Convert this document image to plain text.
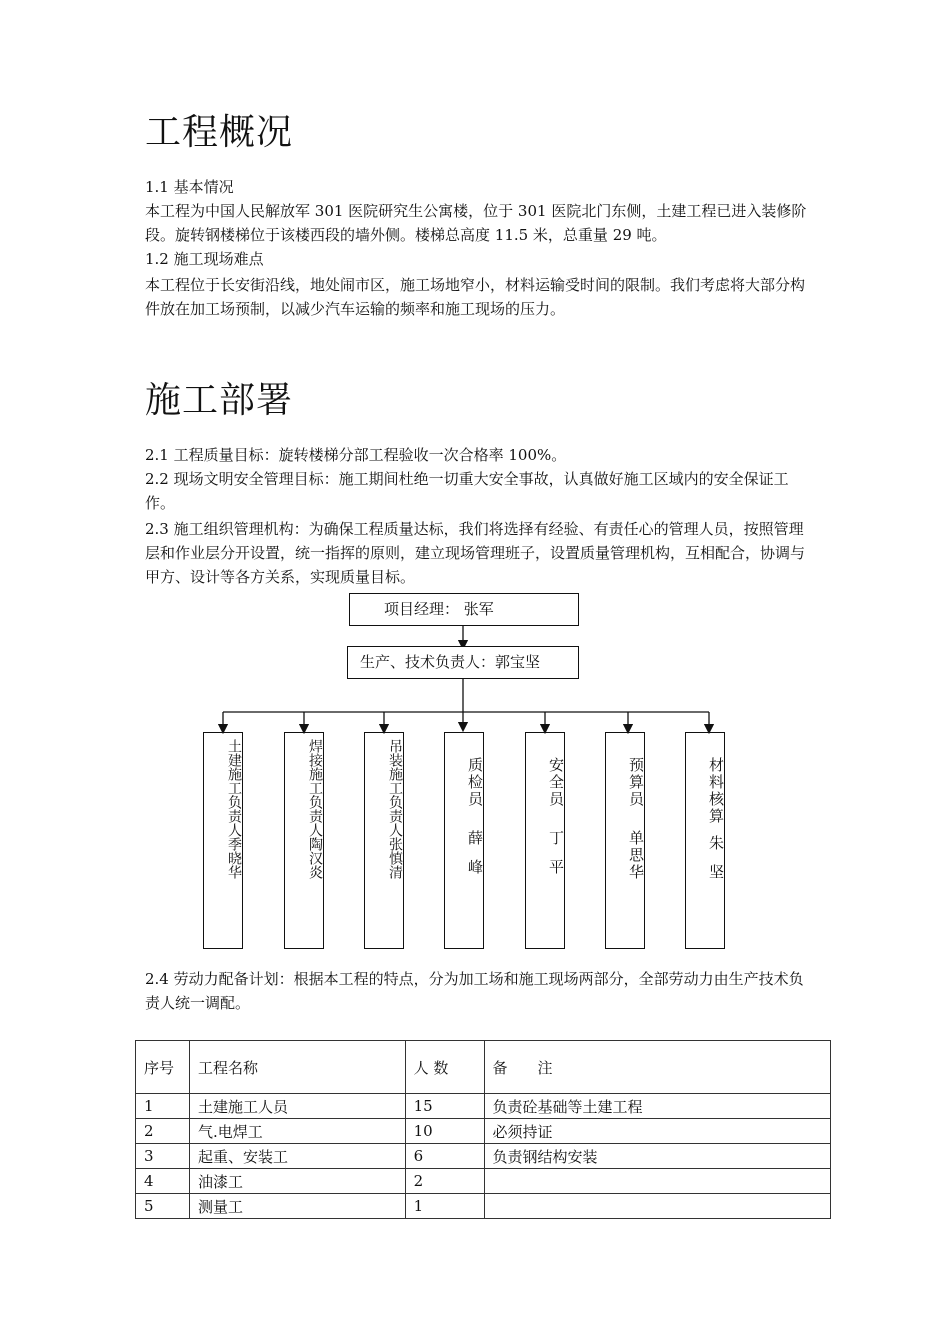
工程概况

1.1 基本情况

本工程为中国人民解放军 301 医院研究生公寓楼，位于 301 医院北门东侧，土建工程已进入装修阶段。旋转钢楼梯位于该楼西段的墙外侧。楼梯总高度 11.5 米，总重量 29 吨。

1.2 施工现场难点

本工程位于长安街沿线，地处闹市区，施工场地窄小，材料运输受时间的限制。我们考虑将大部分构件放在加工场预制，以减少汽车运输的频率和施工现场的压力。

施工部署

2.1 工程质量目标：旋转楼梯分部工程验收一次合格率 100%。

2.2 现场文明安全管理目标：施工期间杜绝一切重大安全事故，认真做好施工区域内的安全保证工作。

2.3 施工组织管理机构：为确保工程质量达标，我们将选择有经验、有责任心的管理人员，按照管理层和作业层分开设置，统一指挥的原则，建立现场管理班子，设置质量管理机构，互相配合，协调与甲方、设计等各方关系，实现质量目标。

项目经理： 张军
生产、技术负责人：郭宝坚
土建施工负责人
季晓华
焊接施工负责人
陶汉炎
吊装施工负责人
张慎清
质检员
薛峰
安全员
丁平
预算员
单思华
材料核算
朱坚

2.4 劳动力配备计划：根据本工程的特点，分为加工场和施工现场两部分，全部劳动力由生产技术负责人统一调配。

序号	工程名称	人 数	备　　注
1	土建施工人员	15	负责砼基础等土建工程
2	气.电焊工	10	必须持证
3	起重、安装工	6	负责钢结构安装
4	油漆工	2	
5	测量工	1	
